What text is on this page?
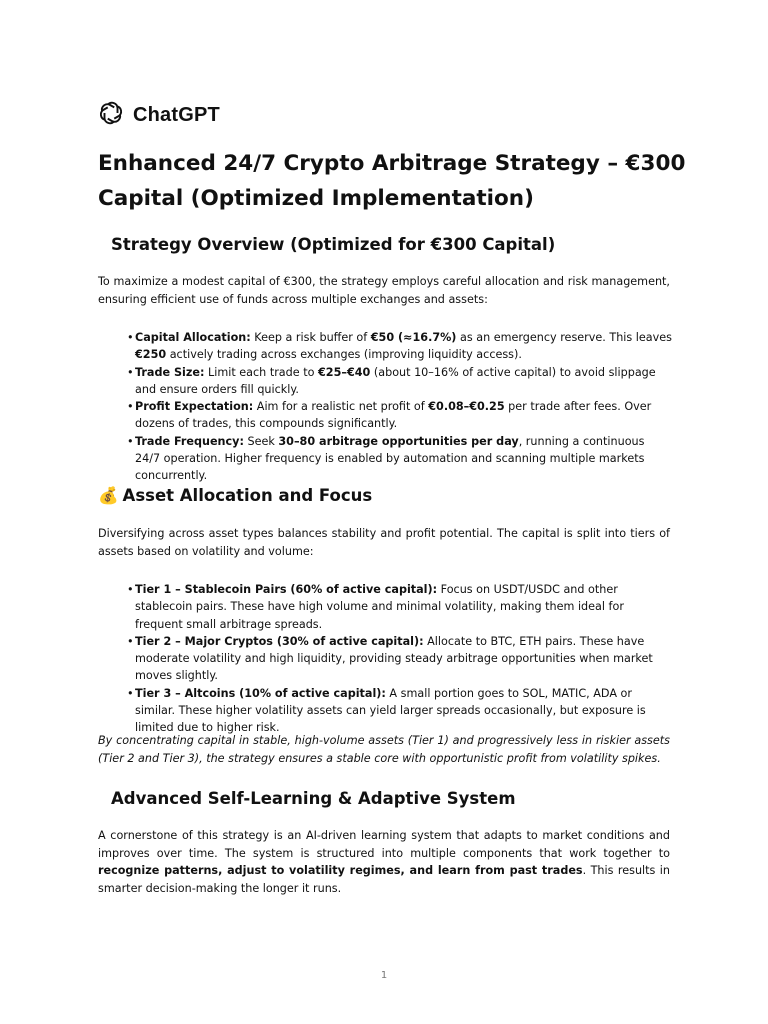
ChatGPT
Enhanced 24/7 Crypto Arbitrage Strategy – €300 Capital (Optimized Implementation)
Strategy Overview (Optimized for €300 Capital)

To maximize a modest capital of €300, the strategy employs careful allocation and risk management, ensuring efficient use of funds across multiple exchanges and assets:

• Capital Allocation: Keep a risk buffer of €50 (≈16.7%) as an emergency reserve. This leaves €250 actively trading across exchanges (improving liquidity access).
• Trade Size: Limit each trade to €25–€40 (about 10–16% of active capital) to avoid slippage and ensure orders fill quickly.
• Profit Expectation: Aim for a realistic net profit of €0.08–€0.25 per trade after fees. Over dozens of trades, this compounds significantly.
• Trade Frequency: Seek 30–80 arbitrage opportunities per day, running a continuous 24/7 operation. Higher frequency is enabled by automation and scanning multiple markets concurrently.
💰 Asset Allocation and Focus

Diversifying across asset types balances stability and profit potential. The capital is split into tiers of assets based on volatility and volume:

• Tier 1 – Stablecoin Pairs (60% of active capital): Focus on USDT/USDC and other stablecoin pairs. These have high volume and minimal volatility, making them ideal for frequent small arbitrage spreads.
• Tier 2 – Major Cryptos (30% of active capital): Allocate to BTC, ETH pairs. These have moderate volatility and high liquidity, providing steady arbitrage opportunities when market moves slightly.
• Tier 3 – Altcoins (10% of active capital): A small portion goes to SOL, MATIC, ADA or similar. These higher volatility assets can yield larger spreads occasionally, but exposure is limited due to higher risk.

By concentrating capital in stable, high-volume assets (Tier 1) and progressively less in riskier assets (Tier 2 and Tier 3), the strategy ensures a stable core with opportunistic profit from volatility spikes.

Advanced Self-Learning & Adaptive System

A cornerstone of this strategy is an AI-driven learning system that adapts to market conditions and improves over time. The system is structured into multiple components that work together to recognize patterns, adjust to volatility regimes, and learn from past trades. This results in smarter decision-making the longer it runs.

1
